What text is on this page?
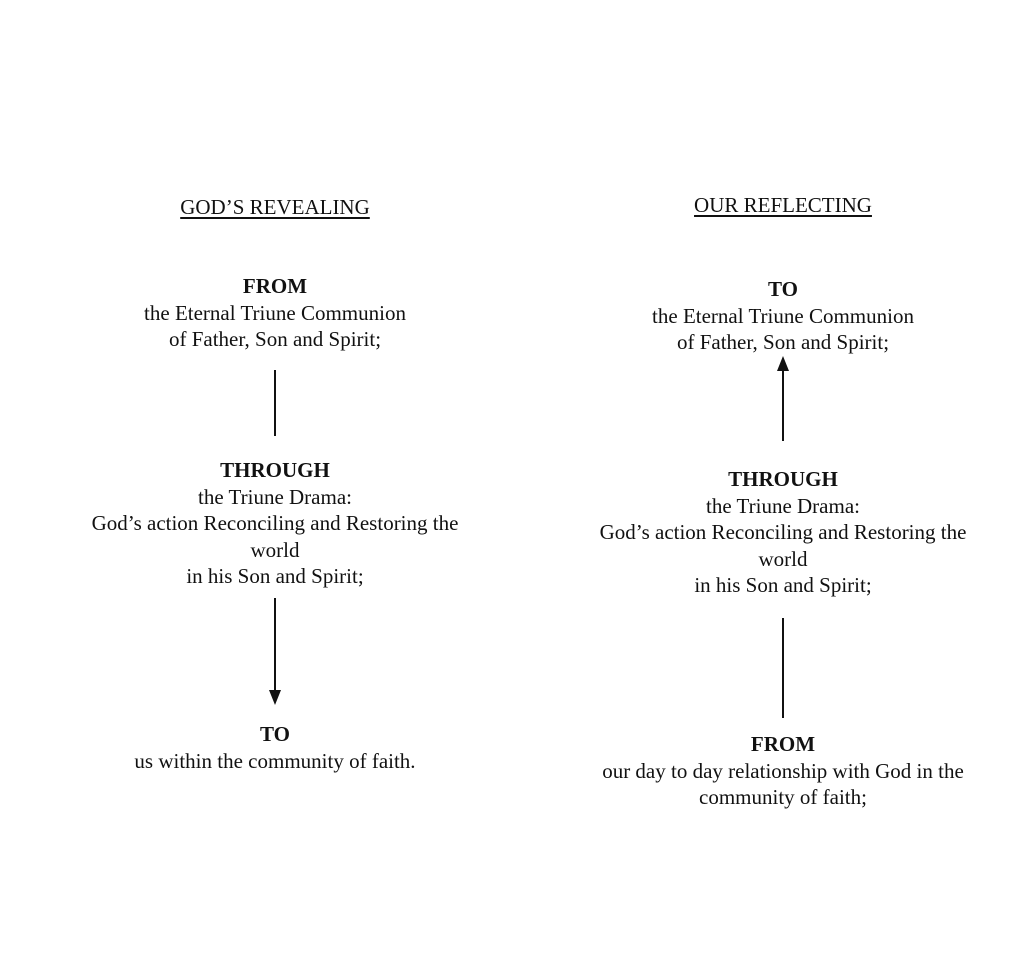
GOD’S REVEALING
FROM
the Eternal Triune Communion
of Father, Son and Spirit;
THROUGH
the Triune Drama:
God’s action Reconciling and Restoring the
world
in his Son and Spirit;
TO
us within the community of faith.
OUR REFLECTING
TO
the Eternal Triune Communion
of Father, Son and Spirit;
THROUGH
the Triune Drama:
God’s action Reconciling and Restoring the
world
in his Son and Spirit;
FROM
our day to day relationship with God in the
community of faith;
